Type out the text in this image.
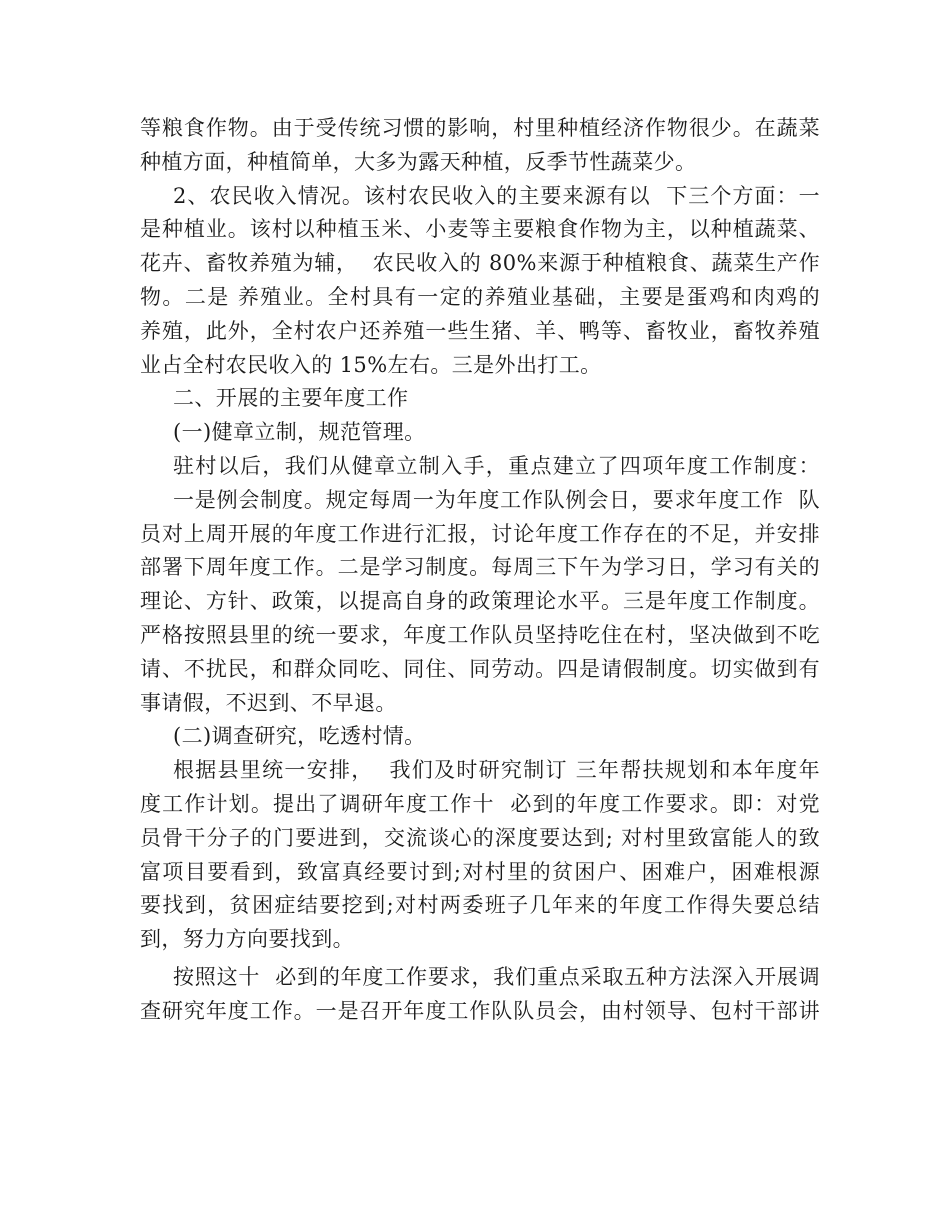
等粮食作物。由于受传统习惯的影响，村里种植经济作物很少。在蔬菜
种植方面，种植简单，大多为露天种植，反季节性蔬菜少。
2、农民收入情况。该村农民收入的主要来源有以  下三个方面：一
是种植业。该村以种植玉米、小麦等主要粮食作物为主，以种植蔬菜、
花卉、畜牧养殖为辅，  农民收入的 80%来源于种植粮食、蔬菜生产作
物。二是 养殖业。全村具有一定的养殖业基础，主要是蛋鸡和肉鸡的
养殖，此外，全村农户还养殖一些生猪、羊、鸭等、畜牧业，畜牧养殖
业占全村农民收入的 15%左右。三是外出打工。
二、开展的主要年度工作
(一)健章立制，规范管理。
驻村以后，我们从健章立制入手，重点建立了四项年度工作制度：
一是例会制度。规定每周一为年度工作队例会日，要求年度工作  队
员对上周开展的年度工作进行汇报，讨论年度工作存在的不足，并安排
部署下周年度工作。二是学习制度。每周三下午为学习日，学习有关的
理论、方针、政策，以提高自身的政策理论水平。三是年度工作制度。
严格按照县里的统一要求，年度工作队员坚持吃住在村，坚决做到不吃
请、不扰民，和群众同吃、同住、同劳动。四是请假制度。切实做到有
事请假，不迟到、不早退。
(二)调查研究，吃透村情。
根据县里统一安排，  我们及时研究制订 三年帮扶规划和本年度年
度工作计划。提出了调研年度工作十  必到的年度工作要求。即：对党
员骨干分子的门要进到，交流谈心的深度要达到; 对村里致富能人的致
富项目要看到，致富真经要讨到;对村里的贫困户、困难户，困难根源
要找到，贫困症结要挖到;对村两委班子几年来的年度工作得失要总结
到，努力方向要找到。
按照这十  必到的年度工作要求，我们重点采取五种方法深入开展调
查研究年度工作。一是召开年度工作队队员会，由村领导、包村干部讲
